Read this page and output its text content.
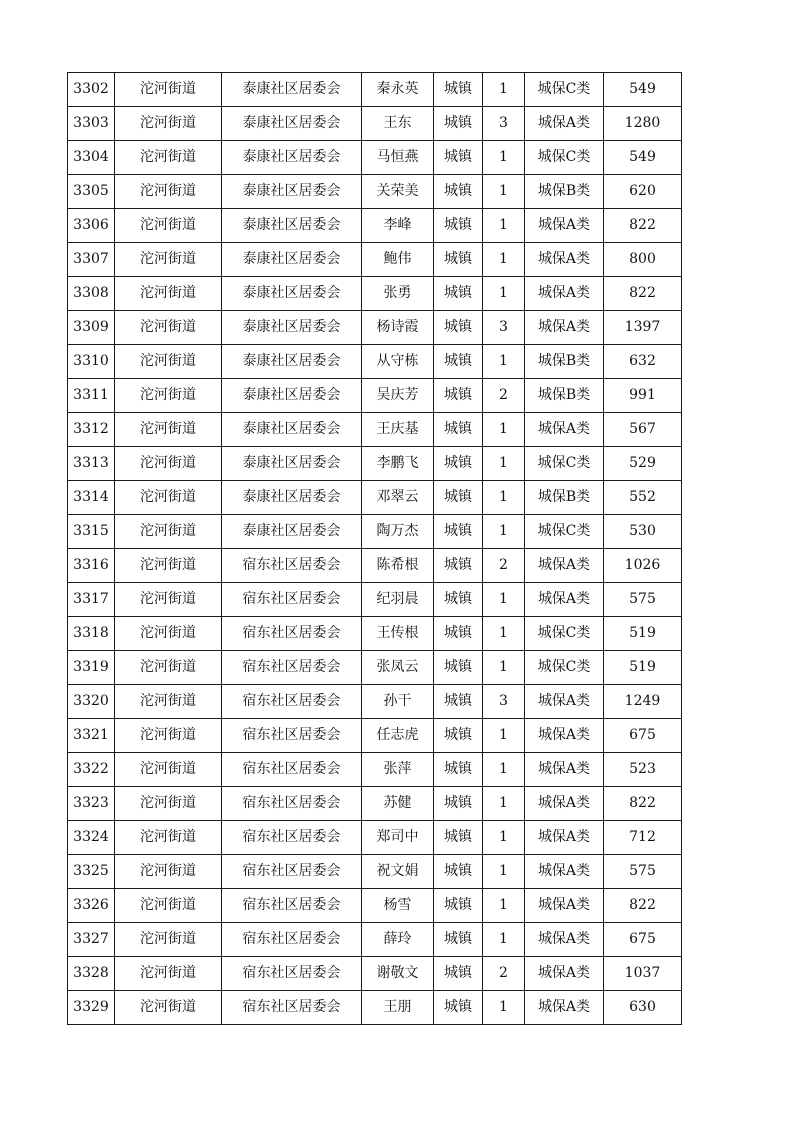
3302	沱河街道	泰康社区居委会	秦永英	城镇	1	城保C类	549
3303	沱河街道	泰康社区居委会	王东	城镇	3	城保A类	1280
3304	沱河街道	泰康社区居委会	马恒燕	城镇	1	城保C类	549
3305	沱河街道	泰康社区居委会	关荣美	城镇	1	城保B类	620
3306	沱河街道	泰康社区居委会	李峰	城镇	1	城保A类	822
3307	沱河街道	泰康社区居委会	鲍伟	城镇	1	城保A类	800
3308	沱河街道	泰康社区居委会	张勇	城镇	1	城保A类	822
3309	沱河街道	泰康社区居委会	杨诗霞	城镇	3	城保A类	1397
3310	沱河街道	泰康社区居委会	从守栋	城镇	1	城保B类	632
3311	沱河街道	泰康社区居委会	吴庆芳	城镇	2	城保B类	991
3312	沱河街道	泰康社区居委会	王庆基	城镇	1	城保A类	567
3313	沱河街道	泰康社区居委会	李鹏飞	城镇	1	城保C类	529
3314	沱河街道	泰康社区居委会	邓翠云	城镇	1	城保B类	552
3315	沱河街道	泰康社区居委会	陶万杰	城镇	1	城保C类	530
3316	沱河街道	宿东社区居委会	陈希根	城镇	2	城保A类	1026
3317	沱河街道	宿东社区居委会	纪羽晨	城镇	1	城保A类	575
3318	沱河街道	宿东社区居委会	王传根	城镇	1	城保C类	519
3319	沱河街道	宿东社区居委会	张凤云	城镇	1	城保C类	519
3320	沱河街道	宿东社区居委会	孙干	城镇	3	城保A类	1249
3321	沱河街道	宿东社区居委会	任志虎	城镇	1	城保A类	675
3322	沱河街道	宿东社区居委会	张萍	城镇	1	城保A类	523
3323	沱河街道	宿东社区居委会	苏健	城镇	1	城保A类	822
3324	沱河街道	宿东社区居委会	郑司中	城镇	1	城保A类	712
3325	沱河街道	宿东社区居委会	祝文娟	城镇	1	城保A类	575
3326	沱河街道	宿东社区居委会	杨雪	城镇	1	城保A类	822
3327	沱河街道	宿东社区居委会	薛玲	城镇	1	城保A类	675
3328	沱河街道	宿东社区居委会	谢敬文	城镇	2	城保A类	1037
3329	沱河街道	宿东社区居委会	王朋	城镇	1	城保A类	630
